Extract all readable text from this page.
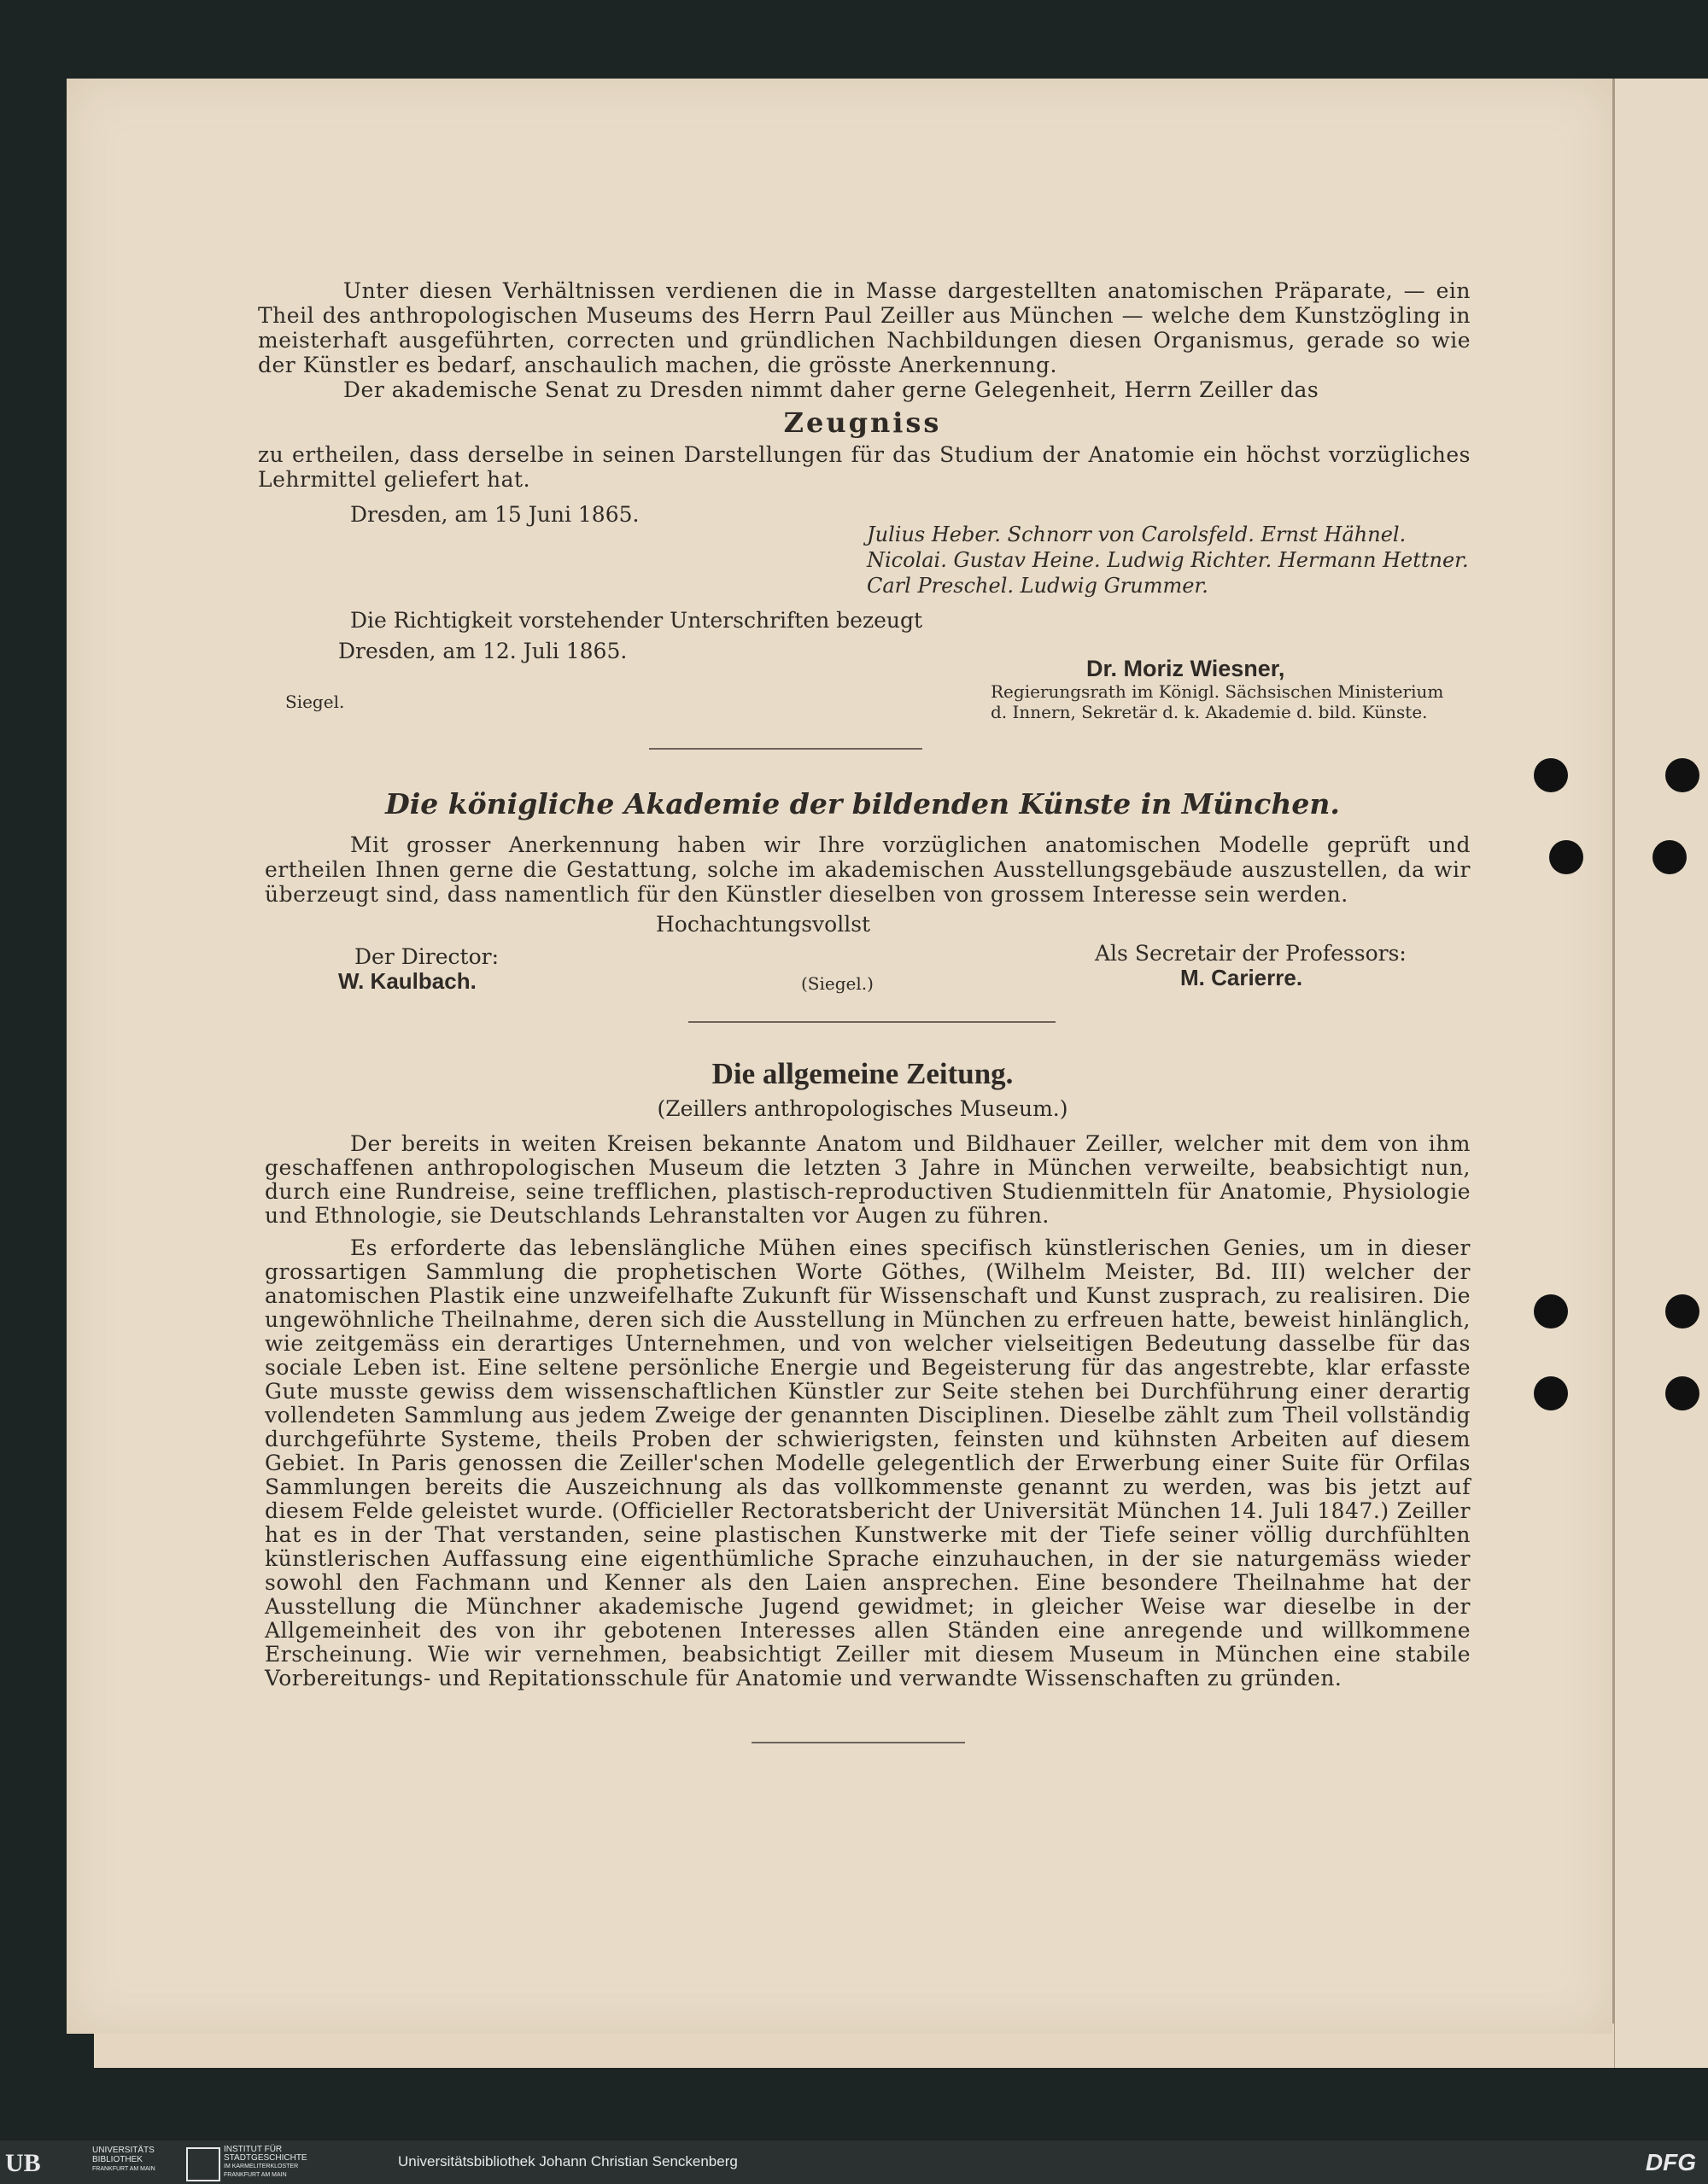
Unter diesen Verhältnissen verdienen die in Masse dargestellten anatomischen Präparate, — ein Theil des anthropologischen Museums des Herrn Paul Zeiller aus München — welche dem Kunstzögling in meisterhaft ausgeführten, correcten und gründlichen Nachbildungen diesen Organismus, gerade so wie der Künstler es bedarf, anschaulich machen, die grösste Anerkennung.

Der akademische Senat zu Dresden nimmt daher gerne Gelegenheit, Herrn Zeiller das

Zeugniss

zu ertheilen, dass derselbe in seinen Darstellungen für das Studium der Anatomie ein höchst vorzügliches Lehrmittel geliefert hat.

Dresden, am 15 Juni 1865.
Julius Heber. Schnorr von Carolsfeld. Ernst Hähnel.
Nicolai. Gustav Heine. Ludwig Richter. Hermann Hettner.
Carl Preschel. Ludwig Grummer.
Die Richtigkeit vorstehender Unterschriften bezeugt
Dresden, am 12. Juli 1865.
Dr. Moriz Wiesner,
Siegel.	Regierungsrath im Königl. Sächsischen Ministerium
d. Innern, Sekretär d. k. Akademie d. bild. Künste.
Die königliche Akademie der bildenden Künste in München.

Mit grosser Anerkennung haben wir Ihre vorzüglichen anatomischen Modelle geprüft und ertheilen Ihnen gerne die Gestattung, solche im akademischen Ausstellungsgebäude auszustellen, da wir überzeugt sind, dass namentlich für den Künstler dieselben von grossem Interesse sein werden.

Hochachtungsvollst
Der Director:
W. Kaulbach.	(Siegel.)
Als Secretair der Professors:
M. Carierre.
Die allgemeine Zeitung.
(Zeillers anthropologisches Museum.)

Der bereits in weiten Kreisen bekannte Anatom und Bildhauer Zeiller, welcher mit dem von ihm geschaffenen anthropologischen Museum die letzten 3 Jahre in München verweilte, beabsichtigt nun, durch eine Rundreise, seine trefflichen, plastisch-reproductiven Studienmitteln für Anatomie, Physiologie und Ethnologie, sie Deutschlands Lehranstalten vor Augen zu führen.

Es erforderte das lebenslängliche Mühen eines specifisch künstlerischen Genies, um in dieser grossartigen Sammlung die prophetischen Worte Göthes, (Wilhelm Meister, Bd. III) welcher der anatomischen Plastik eine unzweifelhafte Zukunft für Wissenschaft und Kunst zusprach, zu realisiren. Die ungewöhnliche Theilnahme, deren sich die Ausstellung in München zu erfreuen hatte, beweist hinlänglich, wie zeitgemäss ein derartiges Unternehmen, und von welcher vielseitigen Bedeutung dasselbe für das sociale Leben ist. Eine seltene persönliche Energie und Begeisterung für das angestrebte, klar erfasste Gute musste gewiss dem wissenschaftlichen Künstler zur Seite stehen bei Durchführung einer derartig vollendeten Sammlung aus jedem Zweige der genannten Disciplinen. Dieselbe zählt zum Theil vollständig durchgeführte Systeme, theils Proben der schwierigsten, feinsten und kühnsten Arbeiten auf diesem Gebiet. In Paris genossen die Zeiller'schen Modelle gelegentlich der Erwerbung einer Suite für Orfilas Sammlungen bereits die Auszeichnung als das vollkommenste genannt zu werden, was bis jetzt auf diesem Felde geleistet wurde. (Officieller Rectoratsbericht der Universität München 14. Juli 1847.) Zeiller hat es in der That verstanden, seine plastischen Kunstwerke mit der Tiefe seiner völlig durchfühlten künstlerischen Auffassung eine eigenthümliche Sprache einzuhauchen, in der sie naturgemäss wieder sowohl den Fachmann und Kenner als den Laien ansprechen. Eine besondere Theilnahme hat der Ausstellung die Münchner akademische Jugend gewidmet; in gleicher Weise war dieselbe in der Allgemeinheit des von ihr gebotenen Interesses allen Ständen eine anregende und willkommene Erscheinung. Wie wir vernehmen, beabsichtigt Zeiller mit diesem Museum in München eine stabile Vorbereitungs- und Repitationsschule für Anatomie und verwandte Wissenschaften zu gründen.

UB	UNIVERSITÄTS
BIBLIOTHEK
FRANKFURT AM MAIN
INSTITUT FÜR
STADTGESCHICHTE
IM KARMELITERKLOSTER
FRANKFURT AM MAIN
Universitätsbibliothek Johann Christian Senckenberg	DFG
